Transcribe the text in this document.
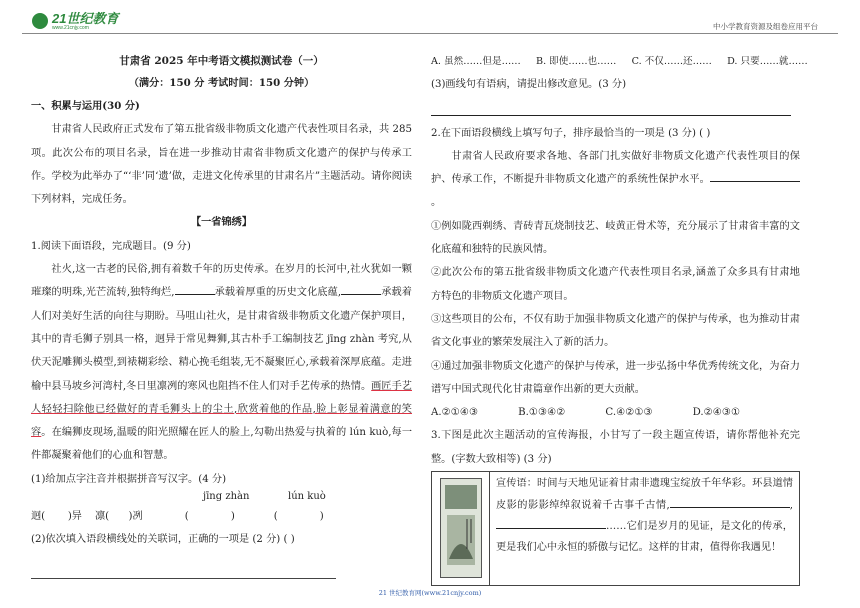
21世纪教育
www.21cnjy.com	中小学教育资源及组卷应用平台
甘肃省 2025 年中考语文模拟测试卷（一）
（满分：150 分 考试时间：150 分钟）
一、积累与运用(30 分)
甘肃省人民政府正式发布了第五批省级非物质文化遗产代表性项目名录，共 285 项。此次公布的项目名录，旨在进一步推动甘肃省非物质文化遗产的保护与传承工作。学校为此举办了“‘非’同‘遗’做，走进文化传承里的甘肃名片”主题活动。请你阅读下列材料，完成任务。
【一省锦绣】
1.阅读下面语段，完成题目。(9 分)
社火,这一古老的民俗,拥有着数千年的历史传承。在岁月的长河中,社火犹如一颗璀璨的明珠,光芒流转,独特绚烂,	承载着厚重的历史文化底蕴,	承载着人们对美好生活的向往与期盼。马咀山社火，是甘肃省级非物质文化遗产保护项目，其中的青毛狮子别具一格，迥异于常见舞狮,其古朴手工编制技艺 jīng zhàn 考究,从伏天泥雕狮头模型,到裱糊彩绘、精心挽毛组装,无不凝聚匠心,承载着深厚底蕴。走进榆中县马坡乡河湾村,冬日里凛冽的寒风也阻挡不住人们对手艺传承的热情。画匠手艺人轻轻扫除他已经做好的青毛狮头上的尘土,欣赏着他的作品,脸上彰显着满意的笑容。在编狮皮现场,温暖的阳光照耀在匠人的脸上,勾勒出热爱与执着的 lún kuò,每一件都凝聚着他们的心血和智慧。
(1)给加点字注音并根据拼音写汉字。(4 分)
jīng zhàn	lún kuò
迥(       )异    凛(      )冽             (             )            (             )
(2)依次填入语段横线处的关联词，正确的一项是 (2 分) ( )
A. 虽然……但是……     B. 即使……也……     C. 不仅……还……     D. 只要……就……
(3)画线句有语病，请提出修改意见。(3 分)
2.在下面语段横线上填写句子，排序最恰当的一项是 (3 分) ( )
甘肃省人民政府要求各地、各部门扎实做好非物质文化遗产代表性项目的保护、传承工作，不断提升非物质文化遗产的系统性保护水平。。
①例如陇西剃绣、青砖青瓦烧制技艺、岐黄正骨术等，充分展示了甘肃省丰富的文化底蕴和独特的民族风情。
②此次公布的第五批省级非物质文化遗产代表性项目名录,涵盖了众多具有甘肃地方特色的非物质文化遗产项目。
③这些项目的公布，不仅有助于加强非物质文化遗产的保护与传承，也为推动甘肃省文化事业的繁荣发展注入了新的活力。
④通过加强非物质文化遗产的保护与传承，进一步弘扬中华优秀传统文化，为奋力谱写中国式现代化甘肃篇章作出新的更大贡献。
A.②①④③	B.①③④②	C.④②①③	D.②④③①
3.下图是此次主题活动的宣传海报，小甘写了一段主题宣传语，请你帮他补充完整。(字数大致相等) (3 分)
宣传语：时间与天地见证着甘肃非遗瑰宝绽放千年华彩。环县道情皮影的影影绰绰叙说着千古事千古情,	,……它们是岁月的见证，是文化的传承，更是我们心中永恒的骄傲与记忆。这样的甘肃，值得你我遇见！
21 世纪教育网(www.21cnjy.com)
